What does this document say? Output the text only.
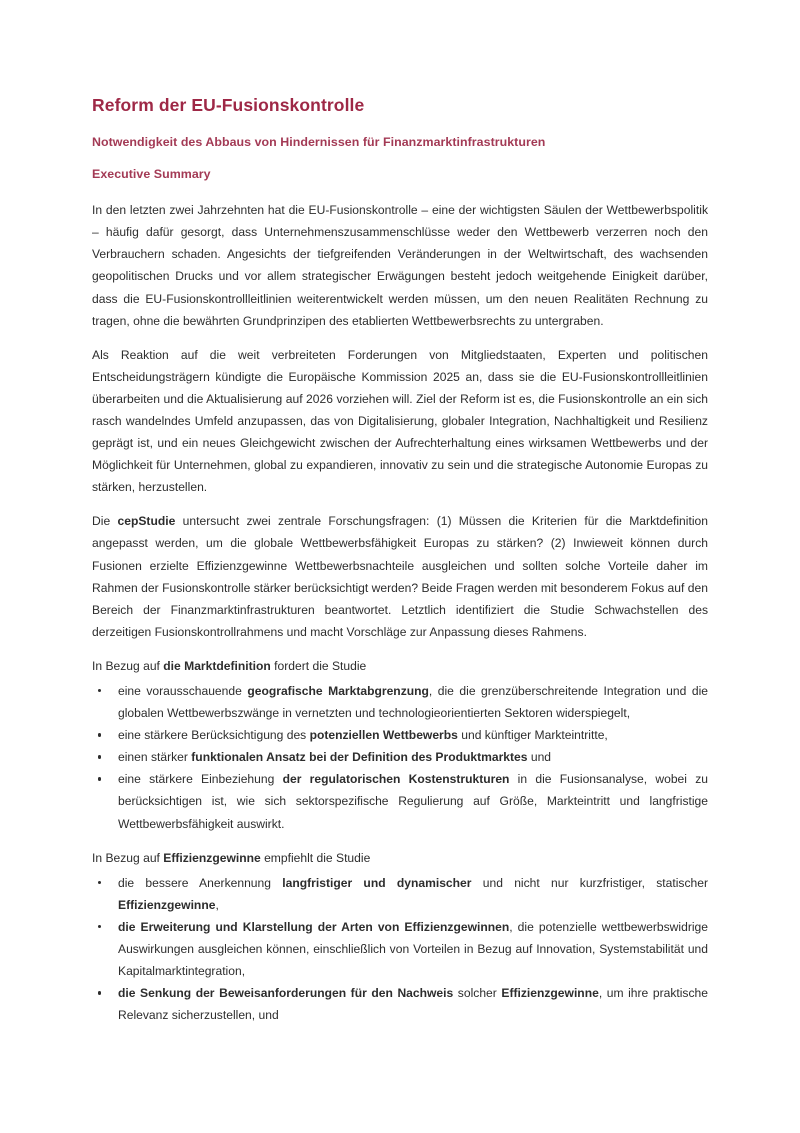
Reform der EU-Fusionskontrolle
Notwendigkeit des Abbaus von Hindernissen für Finanzmarktinfrastrukturen
Executive Summary

In den letzten zwei Jahrzehnten hat die EU-Fusionskontrolle – eine der wichtigsten Säulen der Wettbewerbspolitik – häufig dafür gesorgt, dass Unternehmenszusammenschlüsse weder den Wettbewerb verzerren noch den Verbrauchern schaden. Angesichts der tiefgreifenden Veränderungen in der Weltwirtschaft, des wachsenden geopolitischen Drucks und vor allem strategischer Erwägungen besteht jedoch weitgehende Einigkeit darüber, dass die EU-Fusionskontrollleitlinien weiterentwickelt werden müssen, um den neuen Realitäten Rechnung zu tragen, ohne die bewährten Grundprinzipen des etablierten Wettbewerbsrechts zu untergraben.

Als Reaktion auf die weit verbreiteten Forderungen von Mitgliedstaaten, Experten und politischen Entscheidungsträgern kündigte die Europäische Kommission 2025 an, dass sie die EU-Fusionskontrollleitlinien überarbeiten und die Aktualisierung auf 2026 vorziehen will. Ziel der Reform ist es, die Fusionskontrolle an ein sich rasch wandelndes Umfeld anzupassen, das von Digitalisierung, globaler Integration, Nachhaltigkeit und Resilienz geprägt ist, und ein neues Gleichgewicht zwischen der Aufrechterhaltung eines wirksamen Wettbewerbs und der Möglichkeit für Unternehmen, global zu expandieren, innovativ zu sein und die strategische Autonomie Europas zu stärken, herzustellen.

Die cepStudie untersucht zwei zentrale Forschungsfragen: (1) Müssen die Kriterien für die Marktdefinition angepasst werden, um die globale Wettbewerbsfähigkeit Europas zu stärken? (2) Inwieweit können durch Fusionen erzielte Effizienzgewinne Wettbewerbsnachteile ausgleichen und sollten solche Vorteile daher im Rahmen der Fusionskontrolle stärker berücksichtigt werden? Beide Fragen werden mit besonderem Fokus auf den Bereich der Finanzmarktinfrastrukturen beantwortet. Letztlich identifiziert die Studie Schwachstellen des derzeitigen Fusionskontrollrahmens und macht Vorschläge zur Anpassung dieses Rahmens.

In Bezug auf die Marktdefinition fordert die Studie
eine vorausschauende geografische Marktabgrenzung, die die grenzüberschreitende Integration und die globalen Wettbewerbszwänge in vernetzten und technologieorientierten Sektoren widerspiegelt,
eine stärkere Berücksichtigung des potenziellen Wettbewerbs und künftiger Markteintritte,
einen stärker funktionalen Ansatz bei der Definition des Produktmarktes und
eine stärkere Einbeziehung der regulatorischen Kostenstrukturen in die Fusionsanalyse, wobei zu berücksichtigen ist, wie sich sektorspezifische Regulierung auf Größe, Markteintritt und langfristige Wettbewerbsfähigkeit auswirkt.
In Bezug auf Effizienzgewinne empfiehlt die Studie
die bessere Anerkennung langfristiger und dynamischer und nicht nur kurzfristiger, statischer Effizienzgewinne,
die Erweiterung und Klarstellung der Arten von Effizienzgewinnen, die potenzielle wettbewerbswidrige Auswirkungen ausgleichen können, einschließlich von Vorteilen in Bezug auf Innovation, Systemstabilität und Kapitalmarktintegration,
die Senkung der Beweisanforderungen für den Nachweis solcher Effizienzgewinne, um ihre praktische Relevanz sicherzustellen, und
